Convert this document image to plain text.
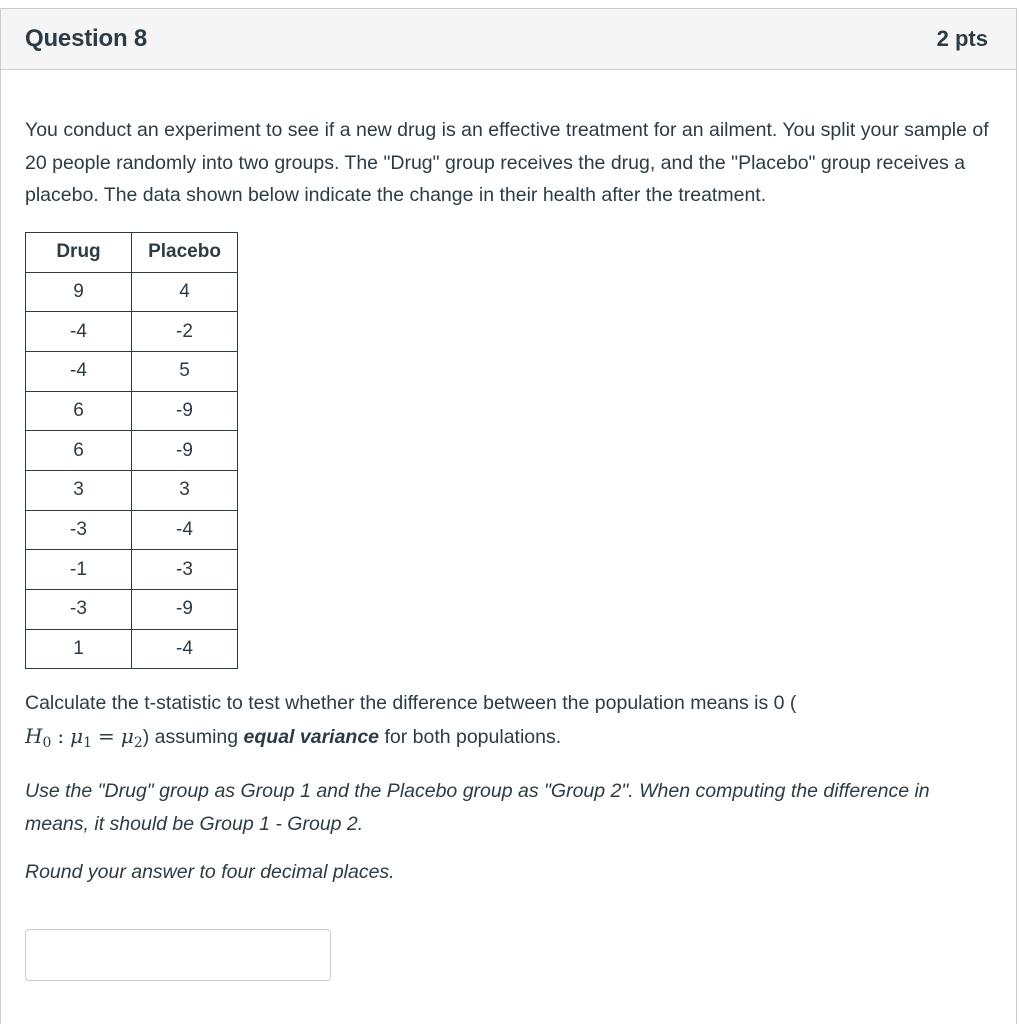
Question 8	2 pts

You conduct an experiment to see if a new drug is an effective treatment for an ailment. You split your sample of 20 people randomly into two groups. The "Drug" group receives the drug, and the "Placebo" group receives a placebo. The data shown below indicate the change in their health after the treatment.

Drug	Placebo
9	4
-4	-2
-4	5
6	-9
6	-9
3	3
-3	-4
-1	-3
-3	-9
1	-4

Calculate the t-statistic to test whether the difference between the population means is 0 (
$H_0$ : $\mu_1 = \mu_2$) assuming equal variance for both populations.

Use the "Drug" group as Group 1 and the Placebo group as "Group 2". When computing the difference in means, it should be Group 1 - Group 2.

Round your answer to four decimal places.
